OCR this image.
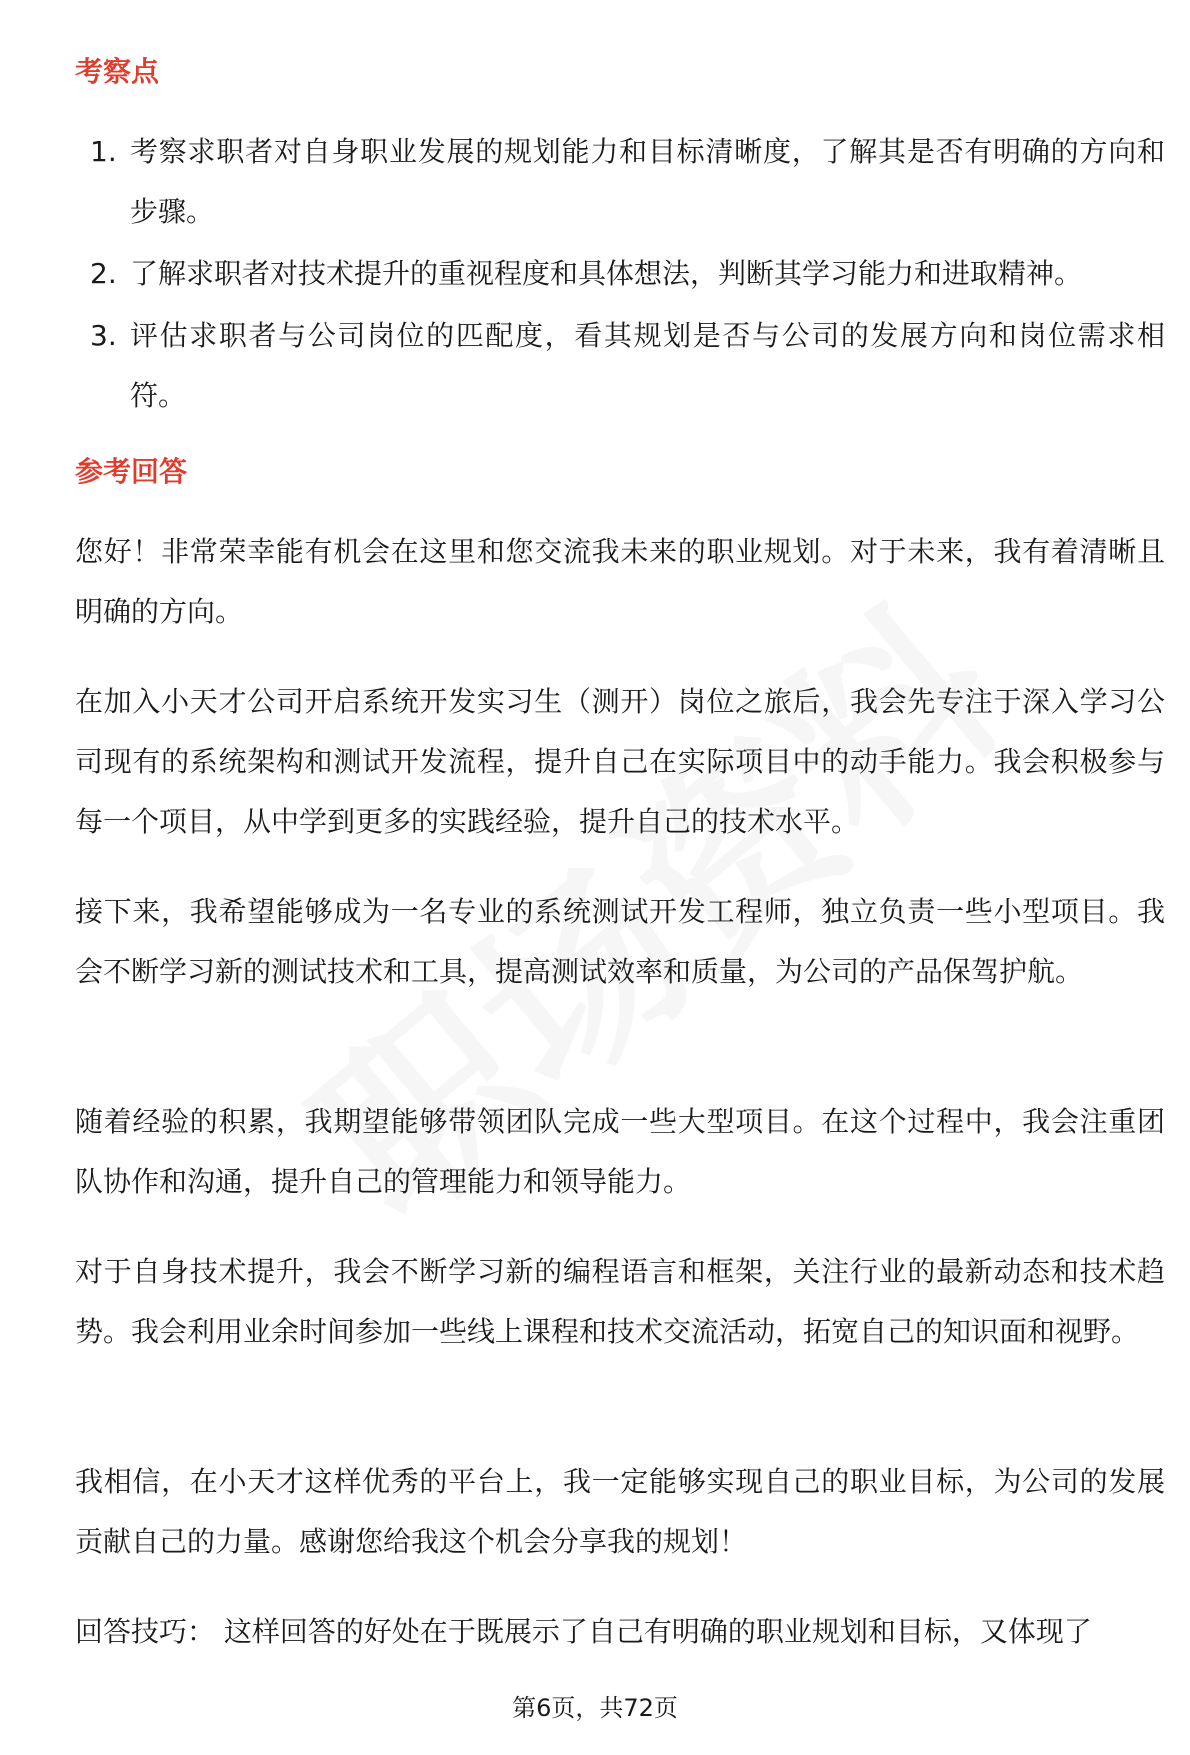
考察点
1. 考察求职者对自身职业发展的规划能力和目标清晰度，了解其是否有明确的方向和步骤。
2. 了解求职者对技术提升的重视程度和具体想法，判断其学习能力和进取精神。
3. 评估求职者与公司岗位的匹配度，看其规划是否与公司的发展方向和岗位需求相符。
参考回答

您好！非常荣幸能有机会在这里和您交流我未来的职业规划。对于未来，我有着清晰且明确的方向。

在加入小天才公司开启系统开发实习生（测开）岗位之旅后，我会先专注于深入学习公司现有的系统架构和测试开发流程，提升自己在实际项目中的动手能力。我会积极参与每一个项目，从中学到更多的实践经验，提升自己的技术水平。

接下来，我希望能够成为一名专业的系统测试开发工程师，独立负责一些小型项目。我会不断学习新的测试技术和工具，提高测试效率和质量，为公司的产品保驾护航。

随着经验的积累，我期望能够带领团队完成一些大型项目。在这个过程中，我会注重团队协作和沟通，提升自己的管理能力和领导能力。

对于自身技术提升，我会不断学习新的编程语言和框架，关注行业的最新动态和技术趋势。我会利用业余时间参加一些线上课程和技术交流活动，拓宽自己的知识面和视野。

我相信，在小天才这样优秀的平台上，我一定能够实现自己的职业目标，为公司的发展贡献自己的力量。感谢您给我这个机会分享我的规划！

回答技巧： 这样回答的好处在于既展示了自己有明确的职业规划和目标，又体现了

第6页，共72页
